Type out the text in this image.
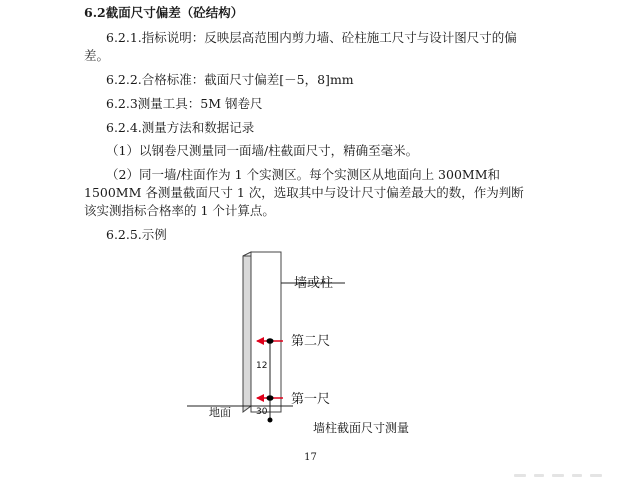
6.2截面尺寸偏差（砼结构）
6.2.1.指标说明：反映层高范围内剪力墙、砼柱施工尺寸与设计图尺寸的偏
差。
6.2.2.合格标准：截面尺寸偏差[－5，8]mm
6.2.3测量工具：5M 钢卷尺
6.2.4.测量方法和数据记录
（1）以钢卷尺测量同一面墙/柱截面尺寸，精确至毫米。
（2）同一墙/柱面作为 1 个实测区。每个实测区从地面向上 300MM和
1500MM 各测量截面尺寸 1 次，选取其中与设计尺寸偏差最大的数，作为判断
该实测指标合格率的 1 个计算点。
6.2.5.示例
墙或柱
第二尺
第一尺
地面
12
30
墙柱截面尺寸测量
17
